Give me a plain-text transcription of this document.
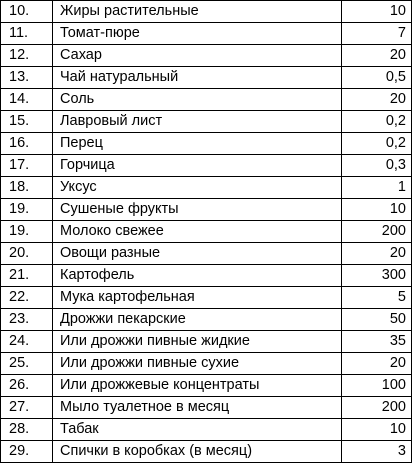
10.	Жиры растительные	10
11.	Томат-пюре	7
12.	Сахар	20
13.	Чай натуральный	0,5
14.	Соль	20
15.	Лавровый лист	0,2
16.	Перец	0,2
17.	Горчица	0,3
18.	Уксус	1
19.	Сушеные фрукты	10
19.	Молоко свежее	200
20.	Овощи разные	20
21.	Картофель	300
22.	Мука картофельная	5
23.	Дрожжи пекарские	50
24.	Или дрожжи пивные жидкие	35
25.	Или дрожжи пивные сухие	20
26.	Или дрожжевые концентраты	100
27.	Мыло туалетное в месяц	200
28.	Табак	10
29.	Спички в коробках (в месяц)	3
